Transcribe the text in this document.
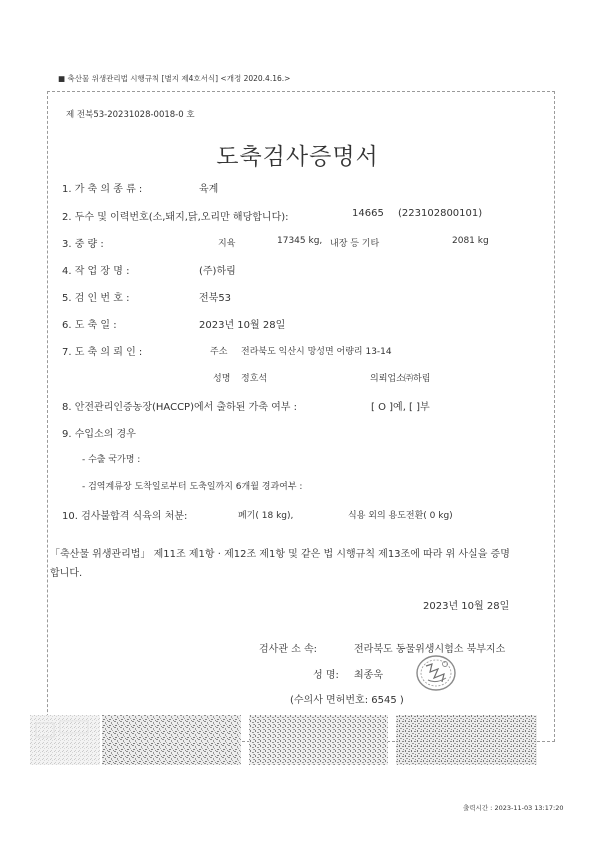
■ 축산물 위생관리법 시행규칙 [별지 제4호서식] <개정 2020.4.16.>
제 전북53-20231028-0018-0 호
도축검사증명서
1. 가 축 의 종 류 :	육계
2. 두수 및 이력번호(소,돼지,닭,오리만 해당합니다):	14665 (223102800101)
3. 중 량 :	지육	17345 kg, 내장 등 기타	2081 kg
4. 작 업 장 명 :	(주)하림
5. 검 인 번 호 :	전북53
6. 도 축 일 :	2023년 10월 28일
7. 도 축 의 뢰 인 :	주소 전라북도 익산시 망성면 어량리 13-14
성명 정호석	의뢰업소 ㈜하림
8. 안전관리인증농장(HACCP)에서 출하된 가축 여부 :	[ O ]예, [ ]부
9. 수입소의 경우
- 수출 국가명 :
- 검역계류장 도착일로부터 도축일까지 6개월 경과여부 :
10. 검사불합격 식육의 처분:	폐기( 18 kg),	식용 외의 용도전환( 0 kg)
「축산물 위생관리법」 제11조 제1항 · 제12조 제1항 및 같은 법 시행규칙 제13조에 따라 위 사실을 증명
합니다.
2023년 10월 28일
검사관 소 속:	전라북도 동물위생시험소 북부지소
성 명: 최종욱
(수의사 면허번호: 6545 )
출력시간 : 2023-11-03 13:17:20
